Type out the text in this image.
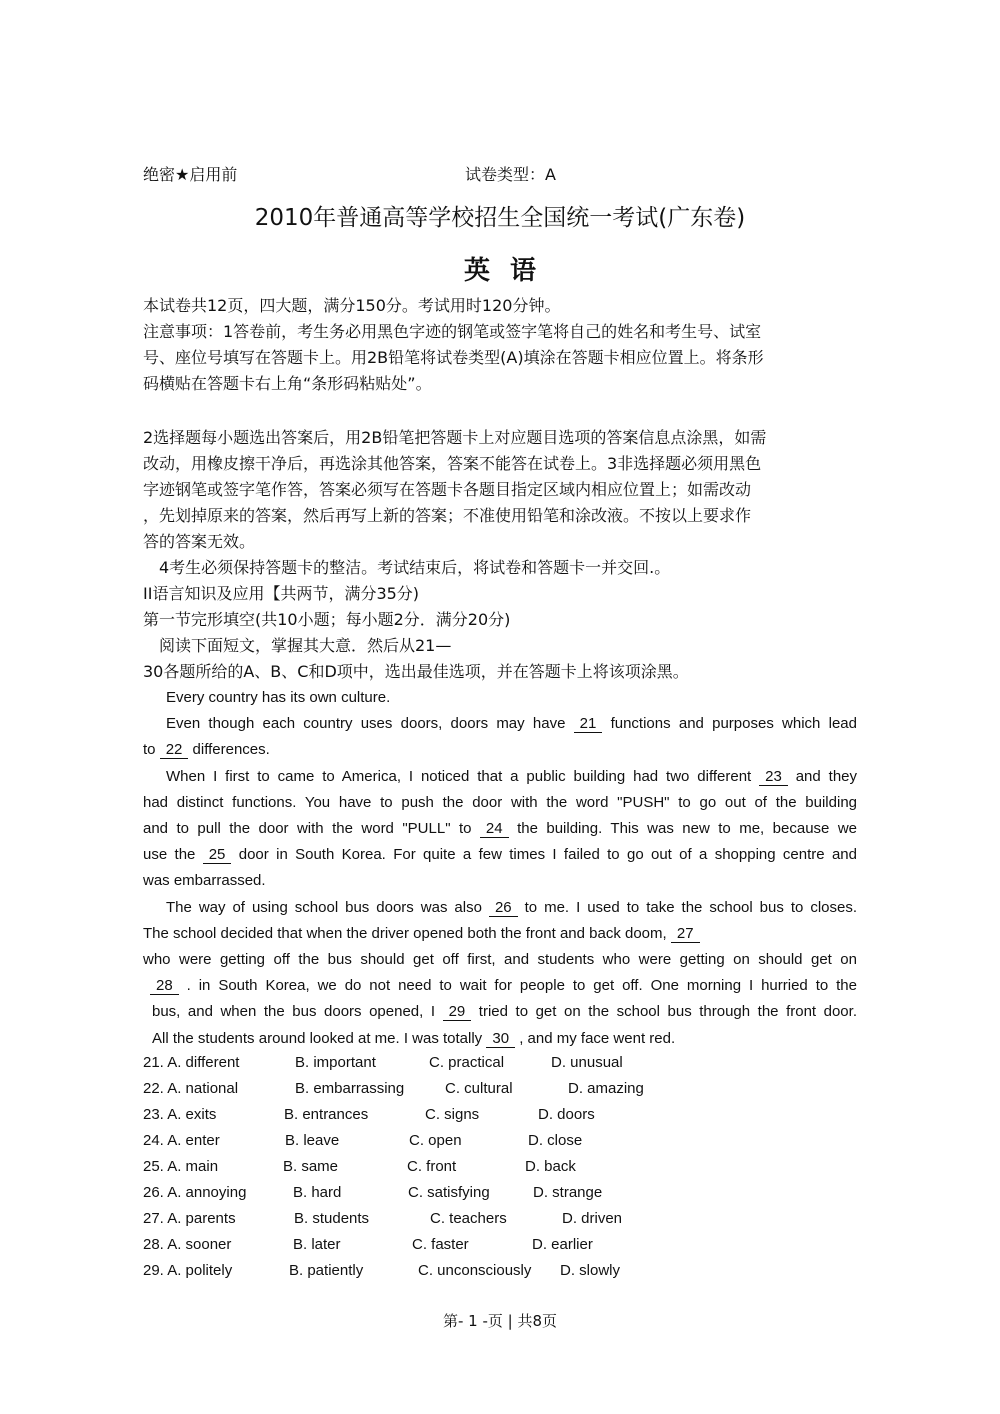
绝密★启用前	试卷类型：A
2010年普通高等学校招生全国统一考试(广东卷)
英语
本试卷共12页，四大题，满分150分。考试用时120分钟。
注意事项：1答卷前，考生务必用黑色字迹的钢笔或签字笔将自己的姓名和考生号、试室
号、座位号填写在答题卡上。用2B铅笔将试卷类型(A)填涂在答题卡相应位置上。将条形
码横贴在答题卡右上角“条形码粘贴处”。
2选择题每小题选出答案后，用2B铅笔把答题卡上对应题目选项的答案信息点涂黑，如需
改动，用橡皮擦干净后，再选涂其他答案，答案不能答在试卷上。3非选择题必须用黑色
字迹钢笔或签字笔作答，答案必须写在答题卡各题目指定区域内相应位置上；如需改动
，先划掉原来的答案，然后再写上新的答案；不准使用铅笔和涂改液。不按以上要求作
答的答案无效。
4考生必须保持答题卡的整洁。考试结束后，将试卷和答题卡一并交回.。
II语言知识及应用【共两节，满分35分)
第一节完形填空(共10小题；每小题2分．满分20分)
阅读下面短文，掌握其大意．然后从21—
30各题所给的A、B、C和D项中，选出最佳选项，并在答题卡上将该项涂黑。
Every country has its own culture.
Even though each country uses doors, doors may have 21 functions and purposes which lead
to 22 differences.
When I first to came to America, I noticed that a public building had two different 23 and they
had distinct functions. You have to push the door with the word "PUSH" to go out of the building
and to pull the door with the word "PULL" to 24 the building. This was new to me, because we
use the 25 door in South Korea. For quite a few times I failed to go out of a shopping centre and
was embarrassed.
The way of using school bus doors was also 26 to me. I used to take the school bus to closes.
The school decided that when the driver opened both the front and back doom, 27
who were getting off the bus should get off first, and students who were getting on should get on
28 . in South Korea, we do not need to wait for people to get off. One morning I hurried to the
bus, and when the bus doors opened, I 29 tried to get on the school bus through the front door.
All the students around looked at me. I was totally 30 , and my face went red.
21. A. different	B. important	C. practical	D. unusual
22. A. national	B. embarrassing	C. cultural	D. amazing
23. A. exits	B. entrances	C. signs	D. doors
24. A. enter	B. leave	C. open	D. close
25. A. main	B. same	C. front	D. back
26. A. annoying	B. hard	C. satisfying	D. strange
27. A. parents	B. students	C. teachers	D. driven
28. A. sooner	B. later	C. faster	D. earlier
29. A. politely	B. patiently	C. unconsciously D. slowly
第- 1 -页 | 共8页
